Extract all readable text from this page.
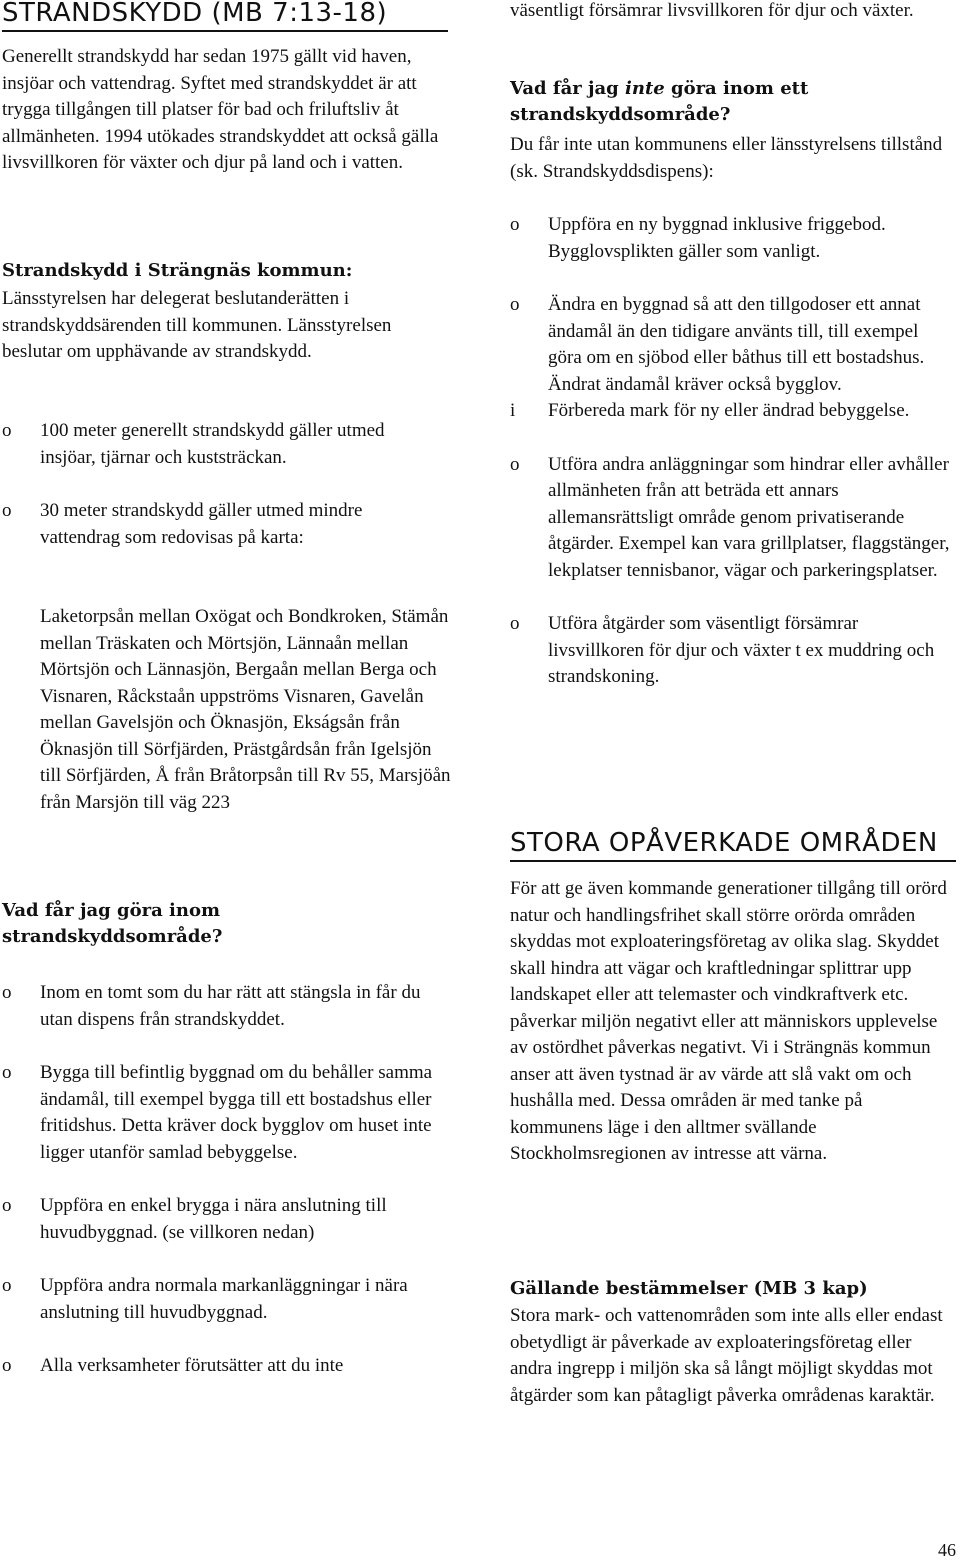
STRANDSKYDD (MB 7:13-18)

Generellt strandskydd har sedan 1975 gällt vid haven, insjöar och vattendrag. Syftet med strandskyddet är att trygga tillgången till platser för bad och friluftsliv åt allmänheten. 1994 utökades strandskyddet att också gälla livsvillkoren för växter och djur på land och i vatten.

Strandskydd i Strängnäs kommun:

Länsstyrelsen har delegerat beslutanderätten i strandskyddsärenden till kommunen. Länsstyrelsen beslutar om upphävande av strandskydd.

o 100 meter generellt strandskydd gäller utmed insjöar, tjärnar och kuststräckan.
o 30 meter strandskydd gäller utmed mindre vattendrag som redovisas på karta:

Laketorpsån mellan Oxögat och Bondkroken, Stämån mellan Träskaten och Mörtsjön, Lännaån mellan Mörtsjön och Lännasjön, Bergaån mellan Berga och Visnaren, Råckstaån uppströms Visnaren, Gavelån mellan Gavelsjön och Öknasjön, Ekságsån från Öknasjön till Sörfjärden, Prästgårdsån från Igelsjön till Sörfjärden, Å från Bråtorpsån till Rv 55, Marsjöån från Marsjön till väg 223

Vad får jag göra inom strandskyddsområde?
o Inom en tomt som du har rätt att stängsla in får du utan dispens från strandskyddet.
o Bygga till befintlig byggnad om du behåller samma ändamål, till exempel bygga till ett bostadshus eller fritidshus. Detta kräver dock bygglov om huset inte ligger utanför samlad bebyggelse.
o Uppföra en enkel brygga i nära anslutning till huvudbyggnad. (se villkoren nedan)
o Uppföra andra normala markanläggningar i nära anslutning till huvudbyggnad.
o Alla verksamheter förutsätter att du inte

väsentligt försämrar livsvillkoren för djur och växter.

Vad får jag inte göra inom ett strandskyddsområde?

Du får inte utan kommunens eller länsstyrelsens tillstånd (sk. Strandskyddsdispens):

o Uppföra en ny byggnad inklusive friggebod. Bygglovsplikten gäller som vanligt.
o Ändra en byggnad så att den tillgodoser ett annat ändamål än den tidigare använts till, till exempel göra om en sjöbod eller båthus till ett bostadshus. Ändrat ändamål kräver också bygglov.
i Förbereda mark för ny eller ändrad bebyggelse.
o Utföra andra anläggningar som hindrar eller avhåller allmänheten från att beträda ett annars allemansrättsligt område genom privatiserande åtgärder. Exempel kan vara grillplatser, flaggstänger, lekplatser tennisbanor, vägar och parkeringsplatser.
o Utföra åtgärder som väsentligt försämrar livsvillkoren för djur och växter t ex muddring och strandskoning.
STORA OPÅVERKADE OMRÅDEN

För att ge även kommande generationer tillgång till orörd natur och handlingsfrihet skall större orörda områden skyddas mot exploateringsföretag av olika slag. Skyddet skall hindra att vägar och kraftledningar splittrar upp landskapet eller att telemaster och vindkraftverk etc. påverkar miljön negativt eller att människors upplevelse av ostördhet påverkas negativt. Vi i Strängnäs kommun anser att även tystnad är av värde att slå vakt om och hushålla med. Dessa områden är med tanke på kommunens läge i den alltmer svällande Stockholmsregionen av intresse att värna.

Gällande bestämmelser (MB 3 kap)

Stora mark- och vattenområden som inte alls eller endast obetydligt är påverkade av exploateringsföretag eller andra ingrepp i miljön ska så långt möjligt skyddas mot åtgärder som kan påtagligt påverka områdenas karaktär.

46
